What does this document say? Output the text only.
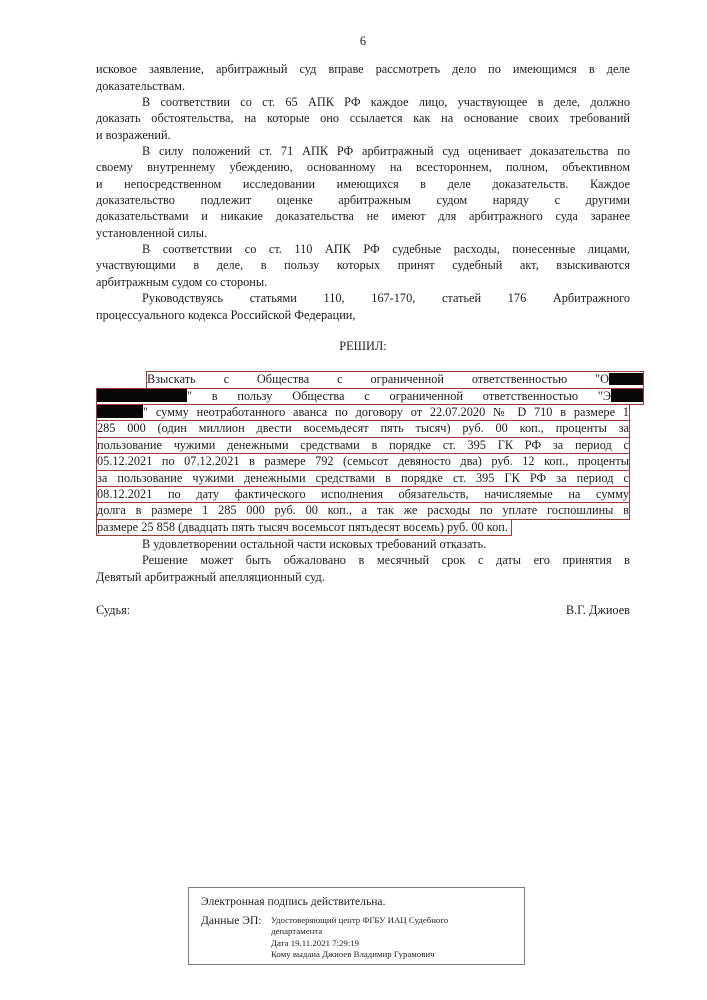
6
исковое заявление, арбитражный суд вправе рассмотреть дело по имеющимся в деле
доказательствам.
В соответствии со ст. 65 АПК РФ каждое лицо, участвующее в деле, должно
доказать обстоятельства, на которые оно ссылается как на основание своих требований
и возражений.
В силу положений ст. 71 АПК РФ арбитражный суд оценивает доказательства по
своему внутреннему убеждению, основанному на всестороннем, полном, объективном
и непосредственном исследовании имеющихся в деле доказательств. Каждое
доказательство подлежит оценке арбитражным судом наряду с другими
доказательствами и никакие доказательства не имеют для арбитражного суда заранее
установленной силы.
В соответствии со ст. 110 АПК РФ судебные расходы, понесенные лицами,
участвующими в деле, в пользу которых принят судебный акт, взыскиваются
арбитражным судом со стороны.
Руководствуясь статьями 110, 167-170, статьей 176 Арбитражного
процессуального кодекса Российской Федерации,
РЕШИЛ:
Взыскать с Общества с ограниченной ответственностью "О
" в пользу Общества с ограниченной ответственностью "Э
" сумму неотработанного аванса по договору от 22.07.2020 № D 710 в размере 1
285 000 (один миллион двести восемьдесят пять тысяч) руб. 00 коп., проценты за
пользование чужими денежными средствами в порядке ст. 395 ГК РФ за период с
05.12.2021 по 07.12.2021 в размере 792 (семьсот девяносто два) руб. 12 коп., проценты
за пользование чужими денежными средствами в порядке ст. 395 ГК РФ за период с
08.12.2021 по дату фактического исполнения обязательств, начисляемые на сумму
долга в размере 1 285 000 руб. 00 коп., а так же расходы по уплате госпошлины в
размере 25 858 (двадцать пять тысяч восемьсот пятьдесят восемь) руб. 00 коп.
В удовлетворении остальной части исковых требований отказать.
Решение может быть обжаловано в месячный срок с даты его принятия в
Девятый арбитражный апелляционный суд.
Судья:	В.Г. Джиоев
Электронная подпись действительна.
Данные ЭП:	Удостоверяющий центр ФГБУ ИАЦ Судебного департамента
Дата 19.11.2021 7:29:19
Кому выдана Джиоев Владимир Гурамович
